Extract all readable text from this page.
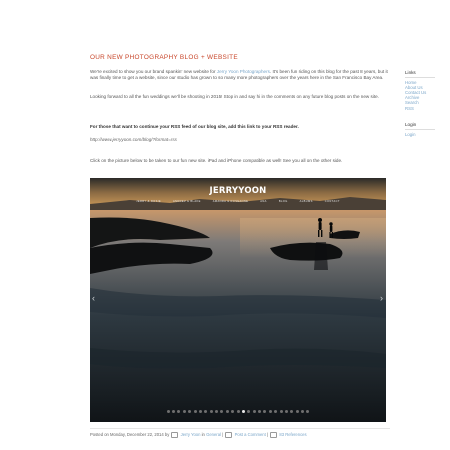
OUR NEW PHOTOGRAPHY BLOG + WEBSITE

We're excited to show you our brand spankin' new website for Jerry Yoon Photographers. It's been fun riding on this blog for the past 8 years, but it was finally time to get a website, since our studio has grown to so many more photographers over the years here in the San Francisco Bay Area.

Looking forward to all the fun weddings we'll be shooting in 2015! Stop in and say hi in the comments on any future blog posts on the new site.

For those that want to continue your RSS feed of our blog site, add this link to your RSS reader.

http://www.jerryyoon.com/blog/?format=rss

Click on the picture below to be taken to our fun new site. iPad and iPhone compatible as well! See you all on the other side.

JERRYYOON
JERRY & ROSIE	ANDREZ & BLAKE	AMANDA & ROSEANNE	ANA	BLOG	ALBUMS	CONTACT
‹	›
Posted on Monday, December 22, 2014 by	Jerry Yoon in General |	Post a Comment |	83 References
Links
Home
About Us
Contact Us
Archive
Search
RSS
Login
Login
